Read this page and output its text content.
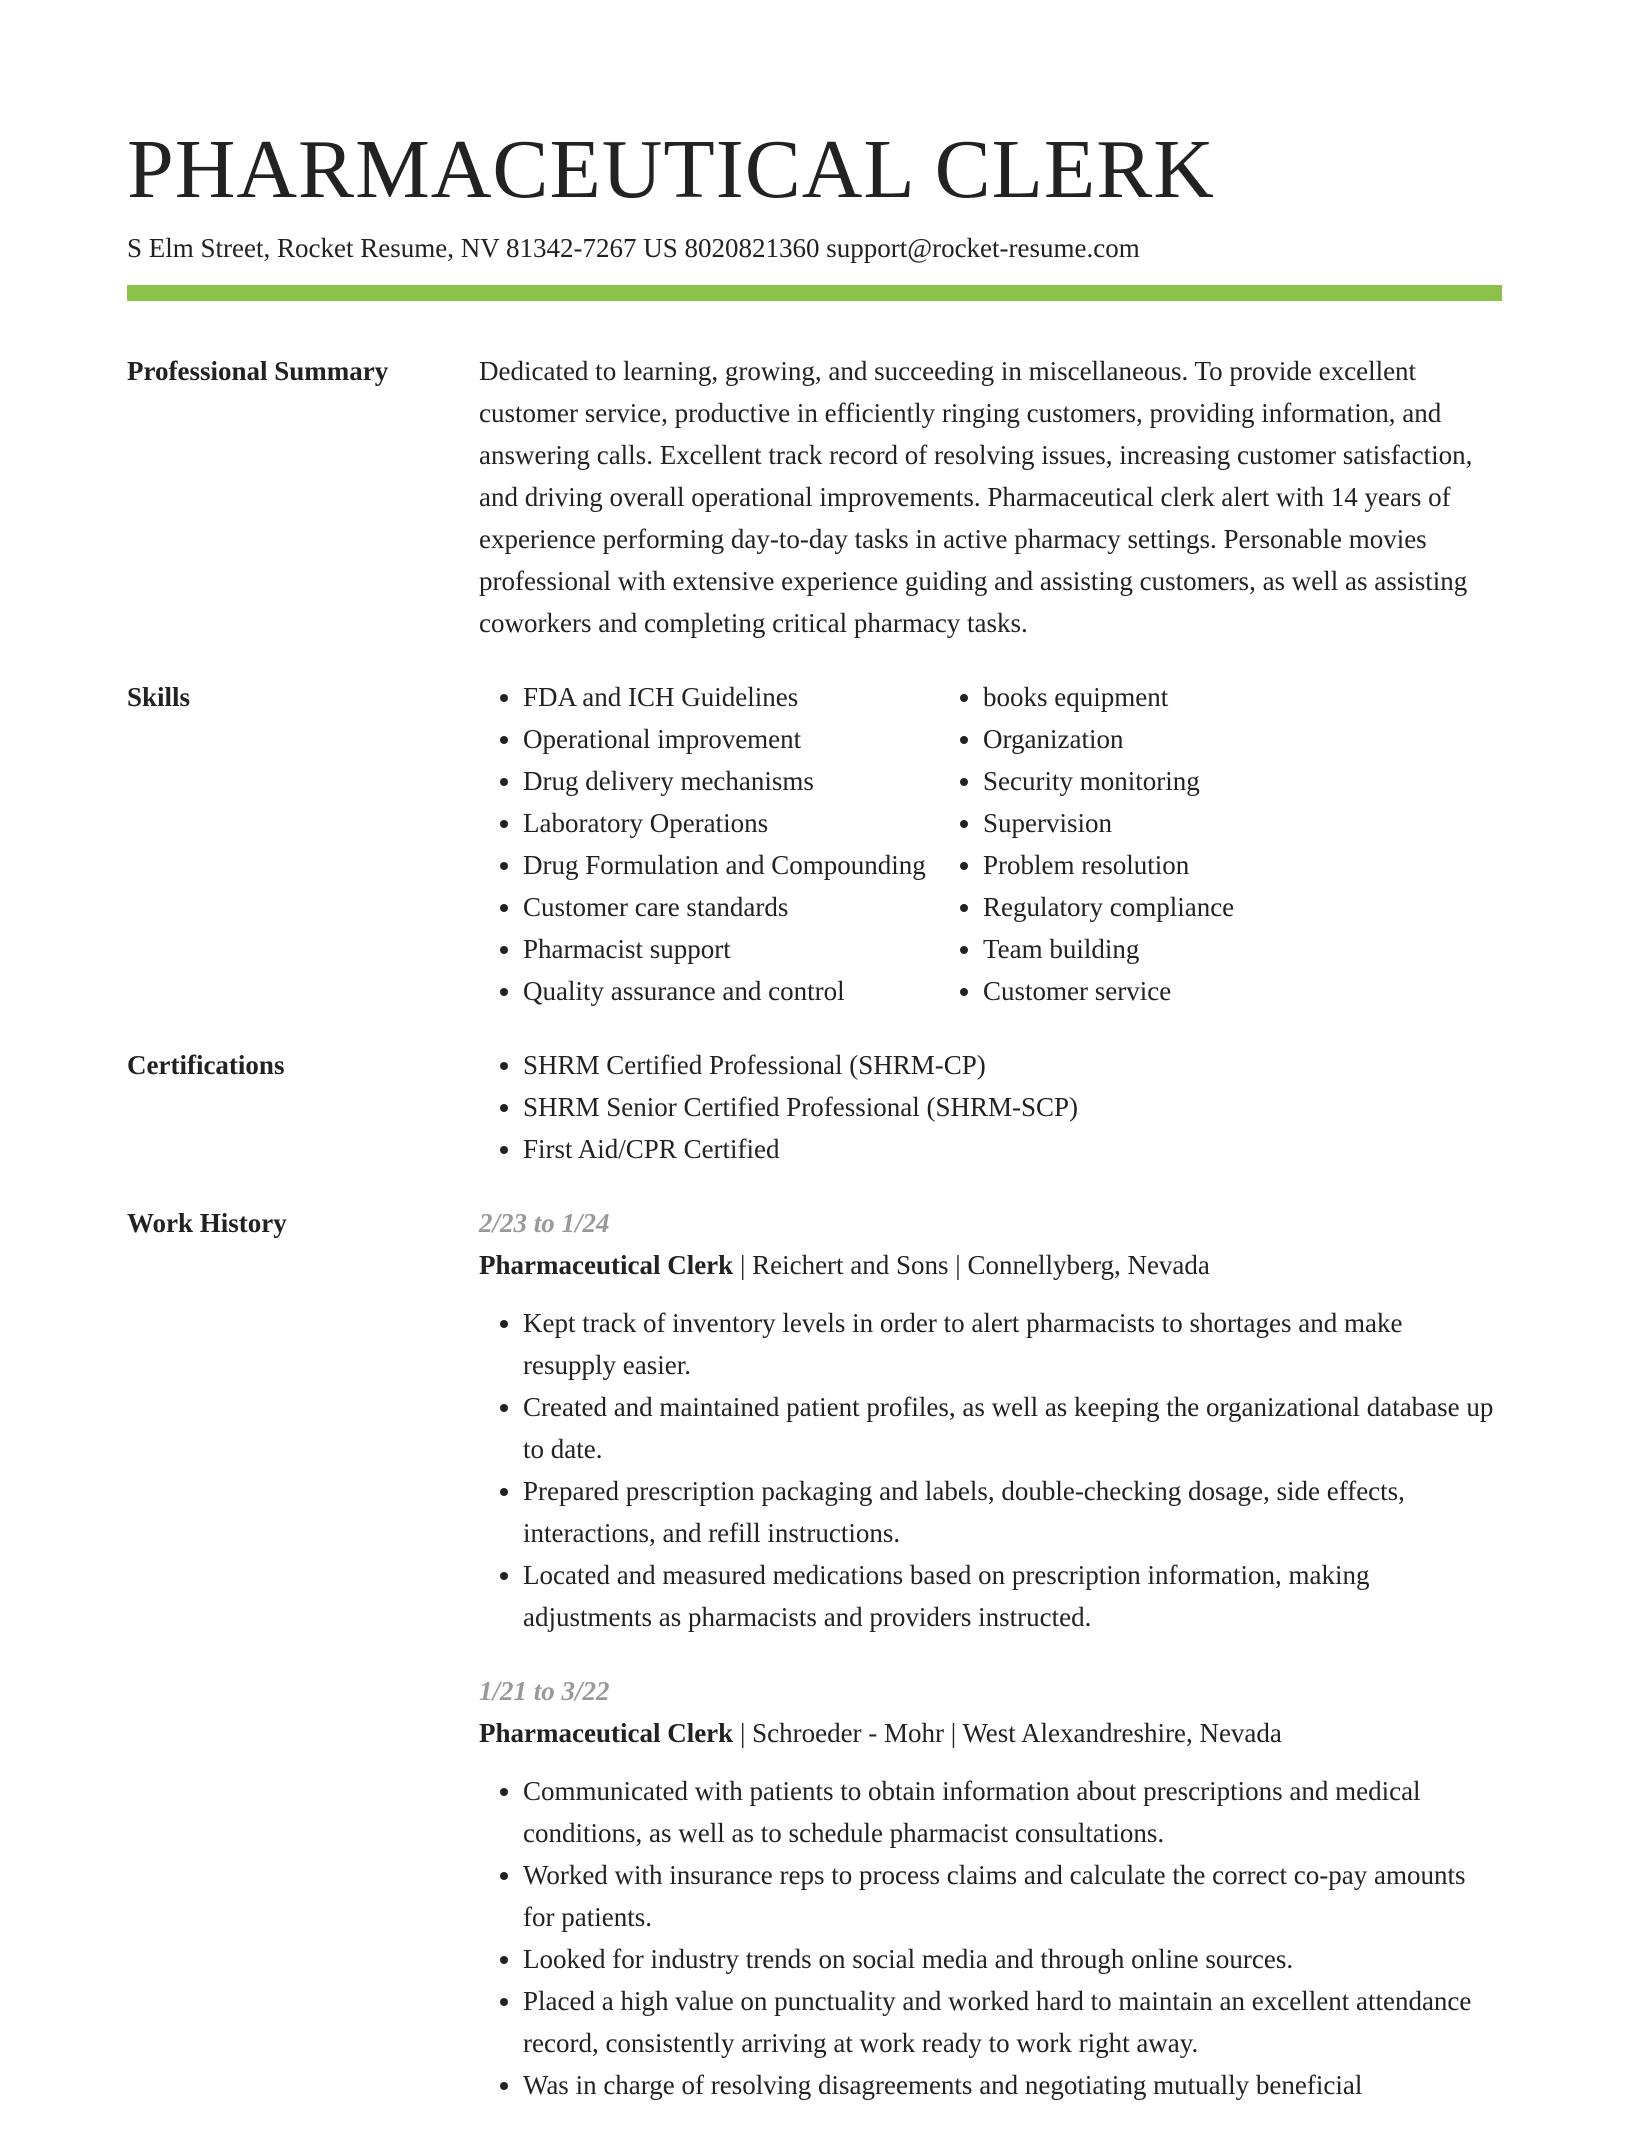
PHARMACEUTICAL CLERK
S Elm Street, Rocket Resume, NV 81342-7267 US 8020821360 support@rocket-resume.com
Professional Summary	Dedicated to learning, growing, and succeeding in miscellaneous. To provide excellent customer service, productive in efficiently ringing customers, providing information, and answering calls. Excellent track record of resolving issues, increasing customer satisfaction, and driving overall operational improvements. Pharmaceutical clerk alert with 14 years of experience performing day-to-day tasks in active pharmacy settings. Personable movies professional with extensive experience guiding and assisting customers, as well as assisting coworkers and completing critical pharmacy tasks.

Skills	• FDA and ICH Guidelines
• Operational improvement
• Drug delivery mechanisms
• Laboratory Operations
• Drug Formulation and Compounding
• Customer care standards
• Pharmacist support
• Quality assurance and control
• books equipment
• Organization
• Security monitoring
• Supervision
• Problem resolution
• Regulatory compliance
• Team building
• Customer service
Certifications	• SHRM Certified Professional (SHRM-CP)
• SHRM Senior Certified Professional (SHRM-SCP)
• First Aid/CPR Certified
Work History	2/23 to 1/24
Pharmaceutical Clerk | Reichert and Sons | Connellyberg, Nevada
• Kept track of inventory levels in order to alert pharmacists to shortages and make resupply easier.
• Created and maintained patient profiles, as well as keeping the organizational database up to date.
• Prepared prescription packaging and labels, double-checking dosage, side effects, interactions, and refill instructions.
• Located and measured medications based on prescription information, making adjustments as pharmacists and providers instructed.
1/21 to 3/22
Pharmaceutical Clerk | Schroeder - Mohr | West Alexandreshire, Nevada
• Communicated with patients to obtain information about prescriptions and medical conditions, as well as to schedule pharmacist consultations.
• Worked with insurance reps to process claims and calculate the correct co-pay amounts for patients.
• Looked for industry trends on social media and through online sources.
• Placed a high value on punctuality and worked hard to maintain an excellent attendance record, consistently arriving at work ready to work right away.
• Was in charge of resolving disagreements and negotiating mutually beneficial
